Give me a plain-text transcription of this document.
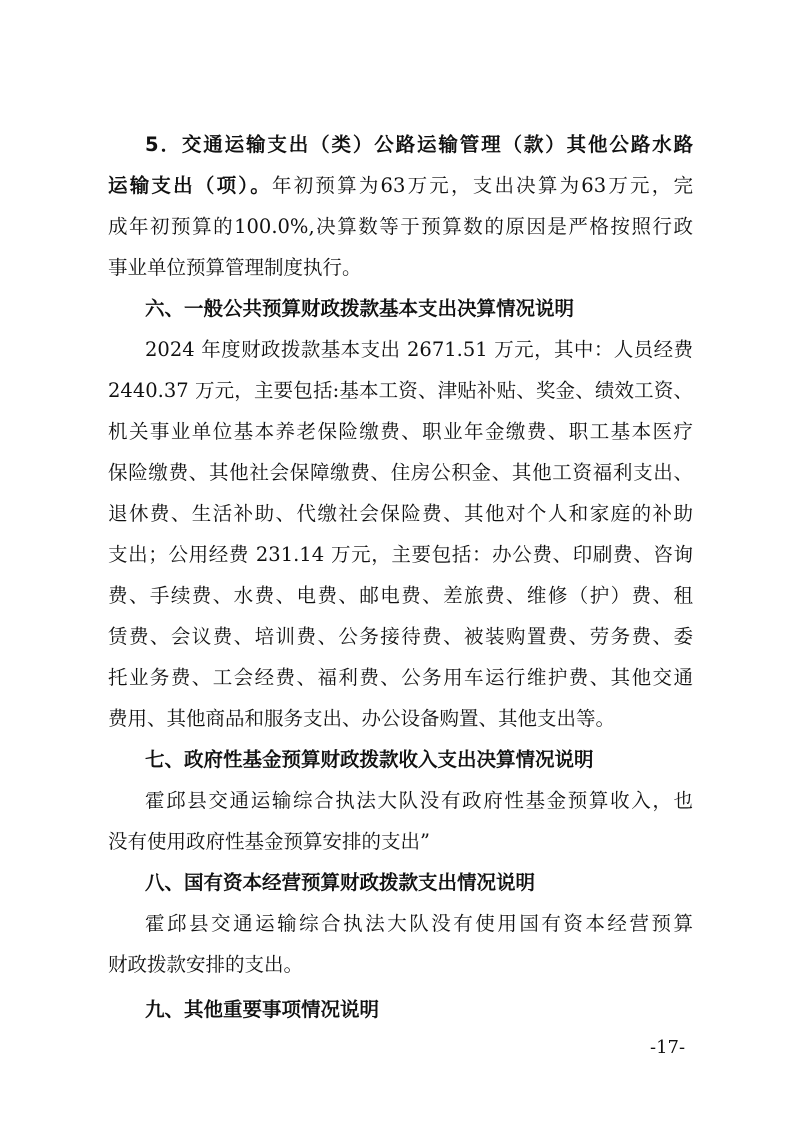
5．交通运输支出（类）公路运输管理（款）其他公路水路
运输支出（项）。年初预算为63万元，支出决算为63万元，完
成年初预算的100.0%,决算数等于预算数的原因是严格按照行政
事业单位预算管理制度执行。
六、一般公共预算财政拨款基本支出决算情况说明
2024 年度财政拨款基本支出 2671.51 万元，其中：人员经费
2440.37 万元，主要包括:基本工资、津贴补贴、奖金、绩效工资、
机关事业单位基本养老保险缴费、职业年金缴费、职工基本医疗
保险缴费、其他社会保障缴费、住房公积金、其他工资福利支出、
退休费、生活补助、代缴社会保险费、其他对个人和家庭的补助
支出；公用经费 231.14 万元，主要包括：办公费、印刷费、咨询
费、手续费、水费、电费、邮电费、差旅费、维修（护）费、租
赁费、会议费、培训费、公务接待费、被装购置费、劳务费、委
托业务费、工会经费、福利费、公务用车运行维护费、其他交通
费用、其他商品和服务支出、办公设备购置、其他支出等。
七、政府性基金预算财政拨款收入支出决算情况说明
霍邱县交通运输综合执法大队没有政府性基金预算收入，也
没有使用政府性基金预算安排的支出”
八、国有资本经营预算财政拨款支出情况说明
霍邱县交通运输综合执法大队没有使用国有资本经营预算
财政拨款安排的支出。
九、其他重要事项情况说明
-17-
